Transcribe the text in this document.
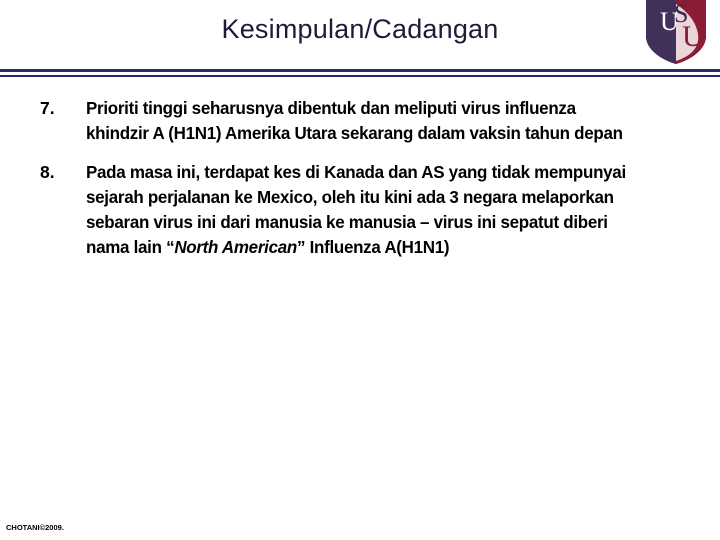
Kesimpulan/Cadangan	U
S
U
7.	Prioriti tinggi seharusnya dibentuk dan meliputi virus influenza khindzir A (H1N1) Amerika Utara sekarang dalam vaksin tahun depan
8.	Pada masa ini, terdapat kes di Kanada dan AS yang tidak mempunyai sejarah perjalanan ke Mexico, oleh itu kini ada 3 negara melaporkan sebaran virus ini dari manusia ke manusia – virus ini sepatut diberi nama lain “North American” Influenza A(H1N1)
CHOTANI©2009.
